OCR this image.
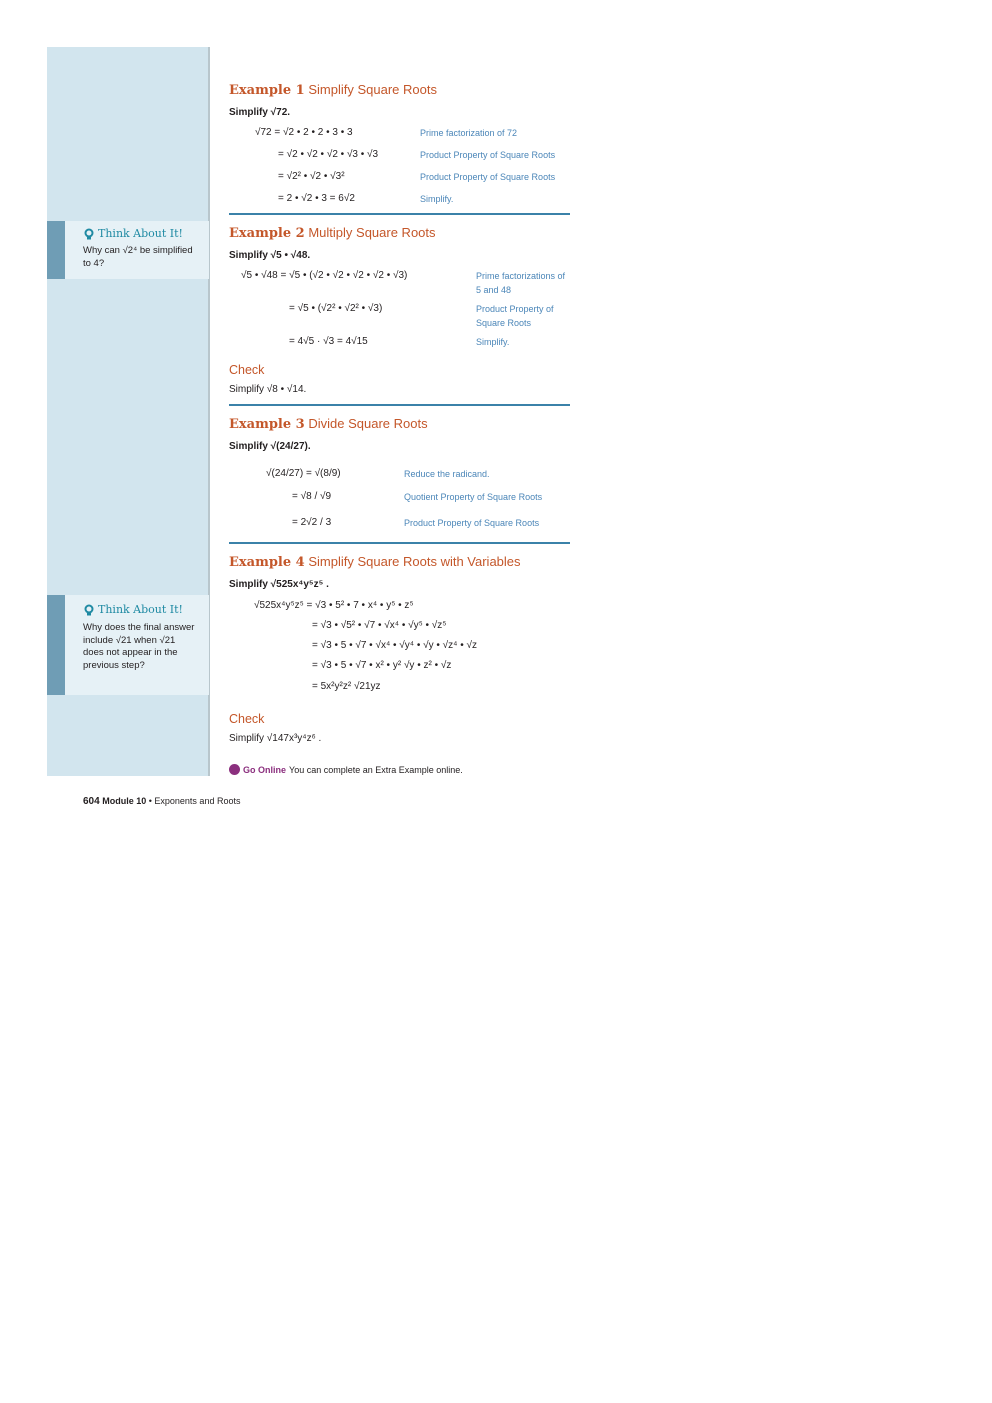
Think About It!
Why can √2⁴ be simplified to 4?
Think About It!
Why does the final answer include √21 when √21 does not appear in the previous step?
Example 1 Simplify Square Roots
Simplify √72.
√72 = √2 • 2 • 2 • 3 • 3	Prime factorization of 72
= √2 • √2 • √2 • √3 • √3	Product Property of Square Roots
= √2² • √2 • √3²	Product Property of Square Roots
= 2 • √2 • 3 = 6√2	Simplify.
Example 2 Multiply Square Roots
Simplify √5 • √48.
√5 • √48 = √5 • (√2 • √2 • √2 • √2 • √3)	Prime factorizations of 5 and 48
= √5 • (√2² • √2² • √3)	Product Property of Square Roots
= 4√5 · √3 = 4√15	Simplify.
Check
Simplify √8 • √14.
Example 3 Divide Square Roots
Simplify √(24/27).
√(24/27) = √(8/9)	Reduce the radicand.
= √8 / √9	Quotient Property of Square Roots
= 2√2 / 3	Product Property of Square Roots
Example 4 Simplify Square Roots with Variables
Simplify √525x⁴y⁵z⁵ .
√525x⁴y⁵z⁵ = √3 • 5² • 7 • x⁴ • y⁵ • z⁵
= √3 • √5² • √7 • √x⁴ • √y⁵ • √z⁵
= √3 • 5 • √7 • √x⁴ • √y⁴ • √y • √z⁴ • √z
= √3 • 5 • √7 • x² • y² √y • z² • √z
= 5x²y²z² √21yz
Check
Simplify √147x³y⁴z⁶ .
Go Online You can complete an Extra Example online.
604 Module 10 • Exponents and Roots
